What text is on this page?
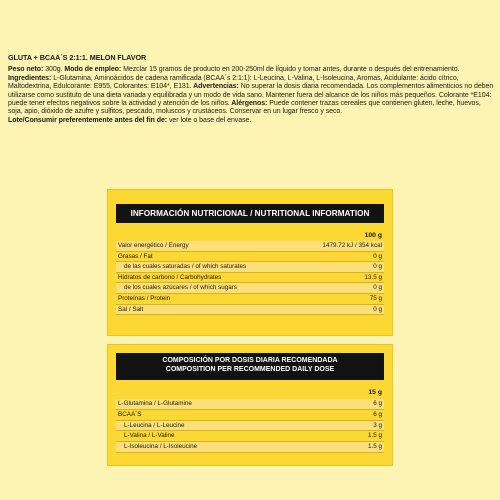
GLUTA + BCAA´S 2:1:1. MELON FLAVOR

Peso neto: 300g. Modo de empleo: Mezclar 15 gramos de producto en 200-250ml de líquido y tomar antes, durante o después del entrenamiento.
Ingredientes: L-Glutamina, Aminoácidos de cadena ramificada (BCAA´s 2:1:1): L-Leucina, L-Valina, L-Isoleucina, Aromas, Acidulante: ácido cítrico, Maltodextrina, Edulcorante: E955, Colorantes: E104*, E131. Advertencias: No superar la dosis diaria recomendada. Los complementos alimenticios no deben utilizarse como sustituto de una dieta variada y equilibrada y un modo de vida sano. Mantener fuera del alcance de los niños más pequeños. Colorante *E104: puede tener efectos negativos sobre la actividad y atención de los niños. Alérgenos: Puede contener trazas cereales que contienen gluten, leche, huevos, soja, apio, dióxido de azufre y sulfitos, pescado, moluscos y crustáceos. Conservar en un lugar fresco y seco.
Lote/Consumir preferentemente antes del fin de: ver lote o base del envase.

INFORMACIÓN NUTRICIONAL / NUTRITIONAL INFORMATION
100 g
Valor energético / Energy	1479.72 kJ / 354 kcal
Grasas / Fat	0 g
de las cuales saturadas / of which saturates	0 g
Hidratos de carbono / Carbohydrates	13.5 g
de los cuales azúcares / of which sugars	0 g
Proteínas / Protein	75 g
Sal / Salt	0 g
COMPOSICIÓN POR DOSIS DIARIA RECOMENDADA
COMPOSITION PER RECOMMENDED DAILY DOSE
15 g
L-Glutamina / L-Glutamine	6 g
BCAA´S	6 g
L-Leucina / L-Leucine	3 g
L-Valina / L-Valine	1.5 g
L-Isoleucina / L-Isoleucine	1.5 g
